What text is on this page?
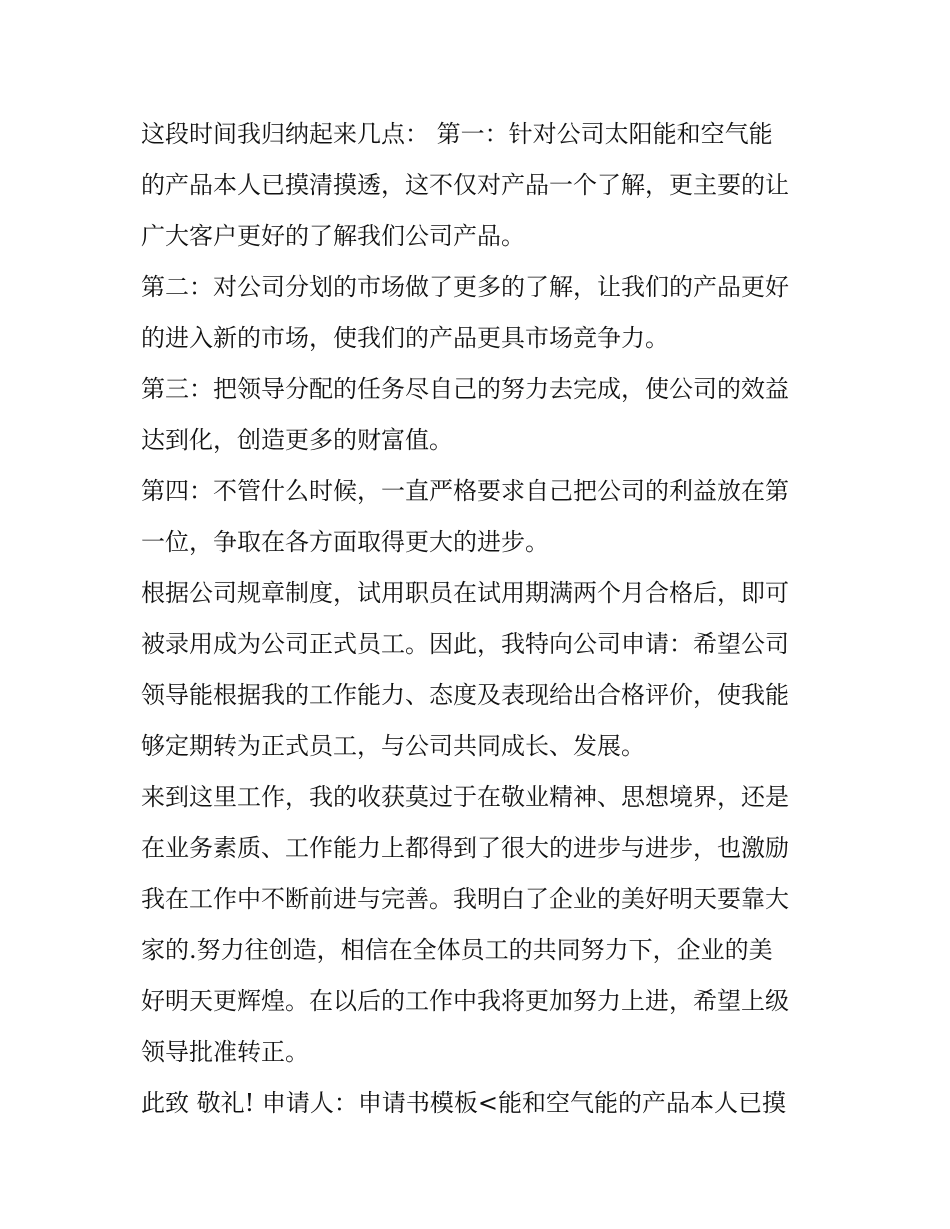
这段时间我归纳起来几点： 第一：针对公司太阳能和空气能
的产品本人已摸清摸透，这不仅对产品一个了解，更主要的让
广大客户更好的了解我们公司产品。
第二：对公司分划的市场做了更多的了解，让我们的产品更好
的进入新的市场，使我们的产品更具市场竞争力。
第三：把领导分配的任务尽自己的努力去完成，使公司的效益
达到化，创造更多的财富值。
第四：不管什么时候，一直严格要求自己把公司的利益放在第
一位，争取在各方面取得更大的进步。
根据公司规章制度，试用职员在试用期满两个月合格后，即可
被录用成为公司正式员工。因此，我特向公司申请：希望公司
领导能根据我的工作能力、态度及表现给出合格评价，使我能
够定期转为正式员工，与公司共同成长、发展。
来到这里工作，我的收获莫过于在敬业精神、思想境界，还是
在业务素质、工作能力上都得到了很大的进步与进步，也激励
我在工作中不断前进与完善。我明白了企业的美好明天要靠大
家的.努力往创造，相信在全体员工的共同努力下，企业的美
好明天更辉煌。在以后的工作中我将更加努力上进，希望上级
领导批准转正。
此致 敬礼! 申请人：申请书模板<能和空气能的产品本人已摸
